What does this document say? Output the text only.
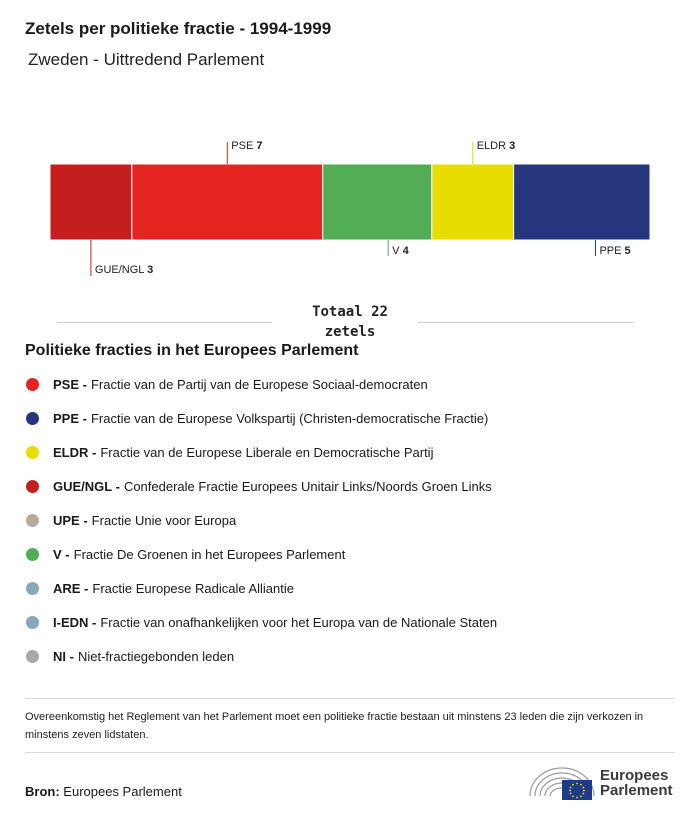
Zetels per politieke fractie - 1994-1999
Zweden - Uittredend Parlement
GUE/NGL 3
PSE 7
V 4
ELDR 3
PPE 5
Totaal 22
zetels
Politieke fracties in het Europees Parlement
PSE - Fractie van de Partij van de Europese Sociaal-democraten
PPE - Fractie van de Europese Volkspartij (Christen-democratische Fractie)
ELDR - Fractie van de Europese Liberale en Democratische Partij
GUE/NGL - Confederale Fractie Europees Unitair Links/Noords Groen Links
UPE - Fractie Unie voor Europa
V - Fractie De Groenen in het Europees Parlement
ARE - Fractie Europese Radicale Alliantie
I-EDN - Fractie van onafhankelijken voor het Europa van de Nationale Staten
NI - Niet-fractiegebonden leden
Overeenkomstig het Reglement van het Parlement moet een politieke fractie bestaan uit minstens 23 leden die zijn verkozen in minstens zeven lidstaten.
Bron: Europees Parlement
Europees
Parlement
